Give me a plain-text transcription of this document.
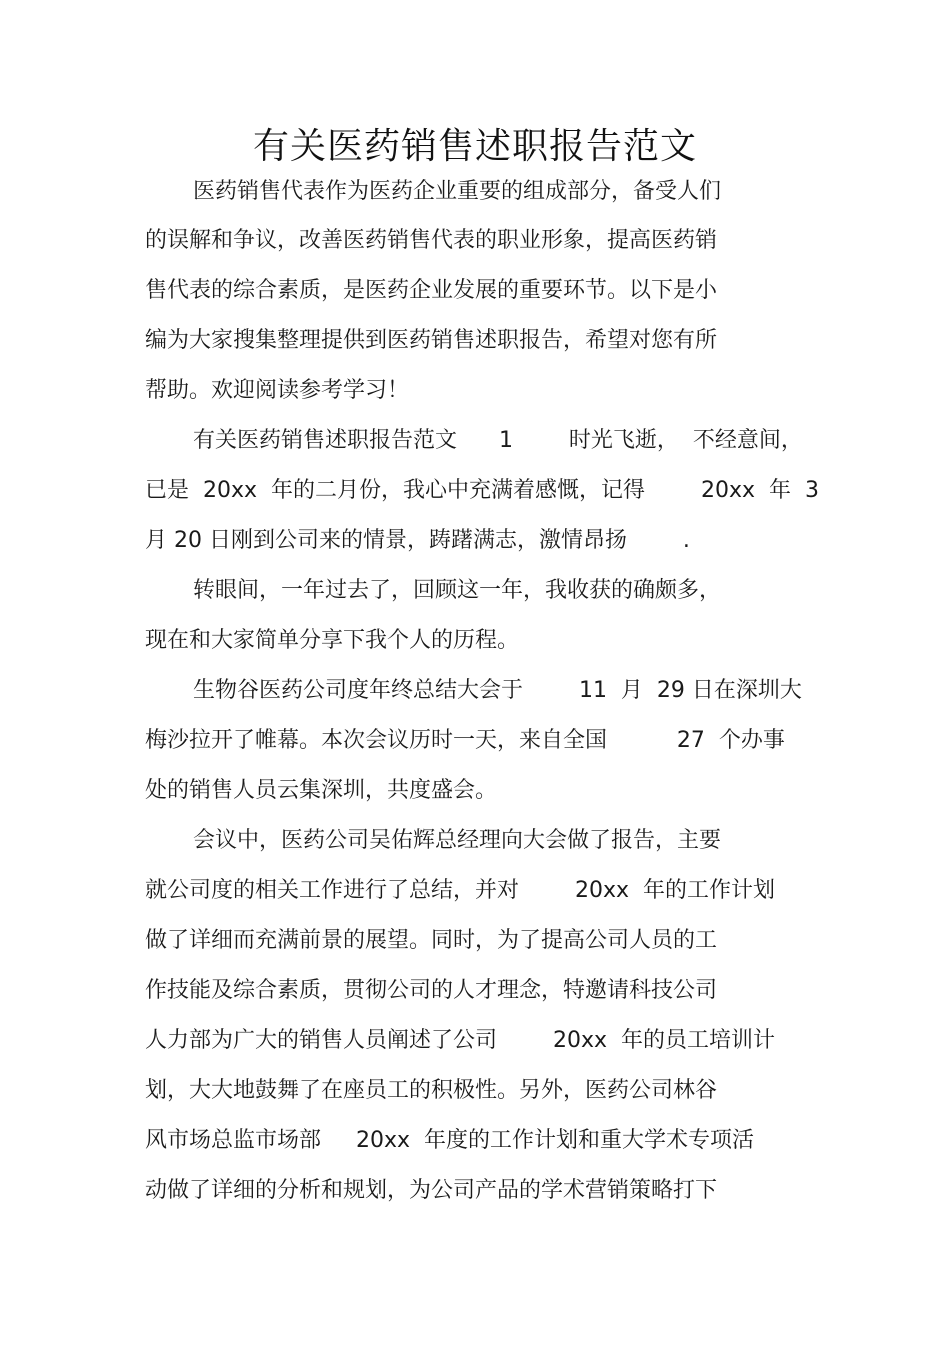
有关医药销售述职报告范文
医药销售代表作为医药企业重要的组成部分，备受人们
的误解和争议，改善医药销售代表的职业形象，提高医药销
售代表的综合素质，是医药企业发展的重要环节。以下是小
编为大家搜集整理提供到医药销售述职报告，希望对您有所
帮助。欢迎阅读参考学习！
有关医药销售述职报告范文      1        时光飞逝，  不经意间，
已是  20xx  年的二月份，我心中充满着感慨，记得        20xx  年  3
月 20 日刚到公司来的情景，踌躇满志，激情昂扬        .
转眼间，一年过去了，回顾这一年，我收获的确颇多，
现在和大家简单分享下我个人的历程。
生物谷医药公司度年终总结大会于        11  月  29 日在深圳大
梅沙拉开了帷幕。本次会议历时一天，来自全国          27  个办事
处的销售人员云集深圳，共度盛会。
会议中，医药公司吴佑辉总经理向大会做了报告，主要
就公司度的相关工作进行了总结，并对        20xx  年的工作计划
做了详细而充满前景的展望。同时，为了提高公司人员的工
作技能及综合素质，贯彻公司的人才理念，特邀请科技公司
人力部为广大的销售人员阐述了公司        20xx  年的员工培训计
划，大大地鼓舞了在座员工的积极性。另外，医药公司林谷
风市场总监市场部     20xx  年度的工作计划和重大学术专项活
动做了详细的分析和规划，为公司产品的学术营销策略打下
